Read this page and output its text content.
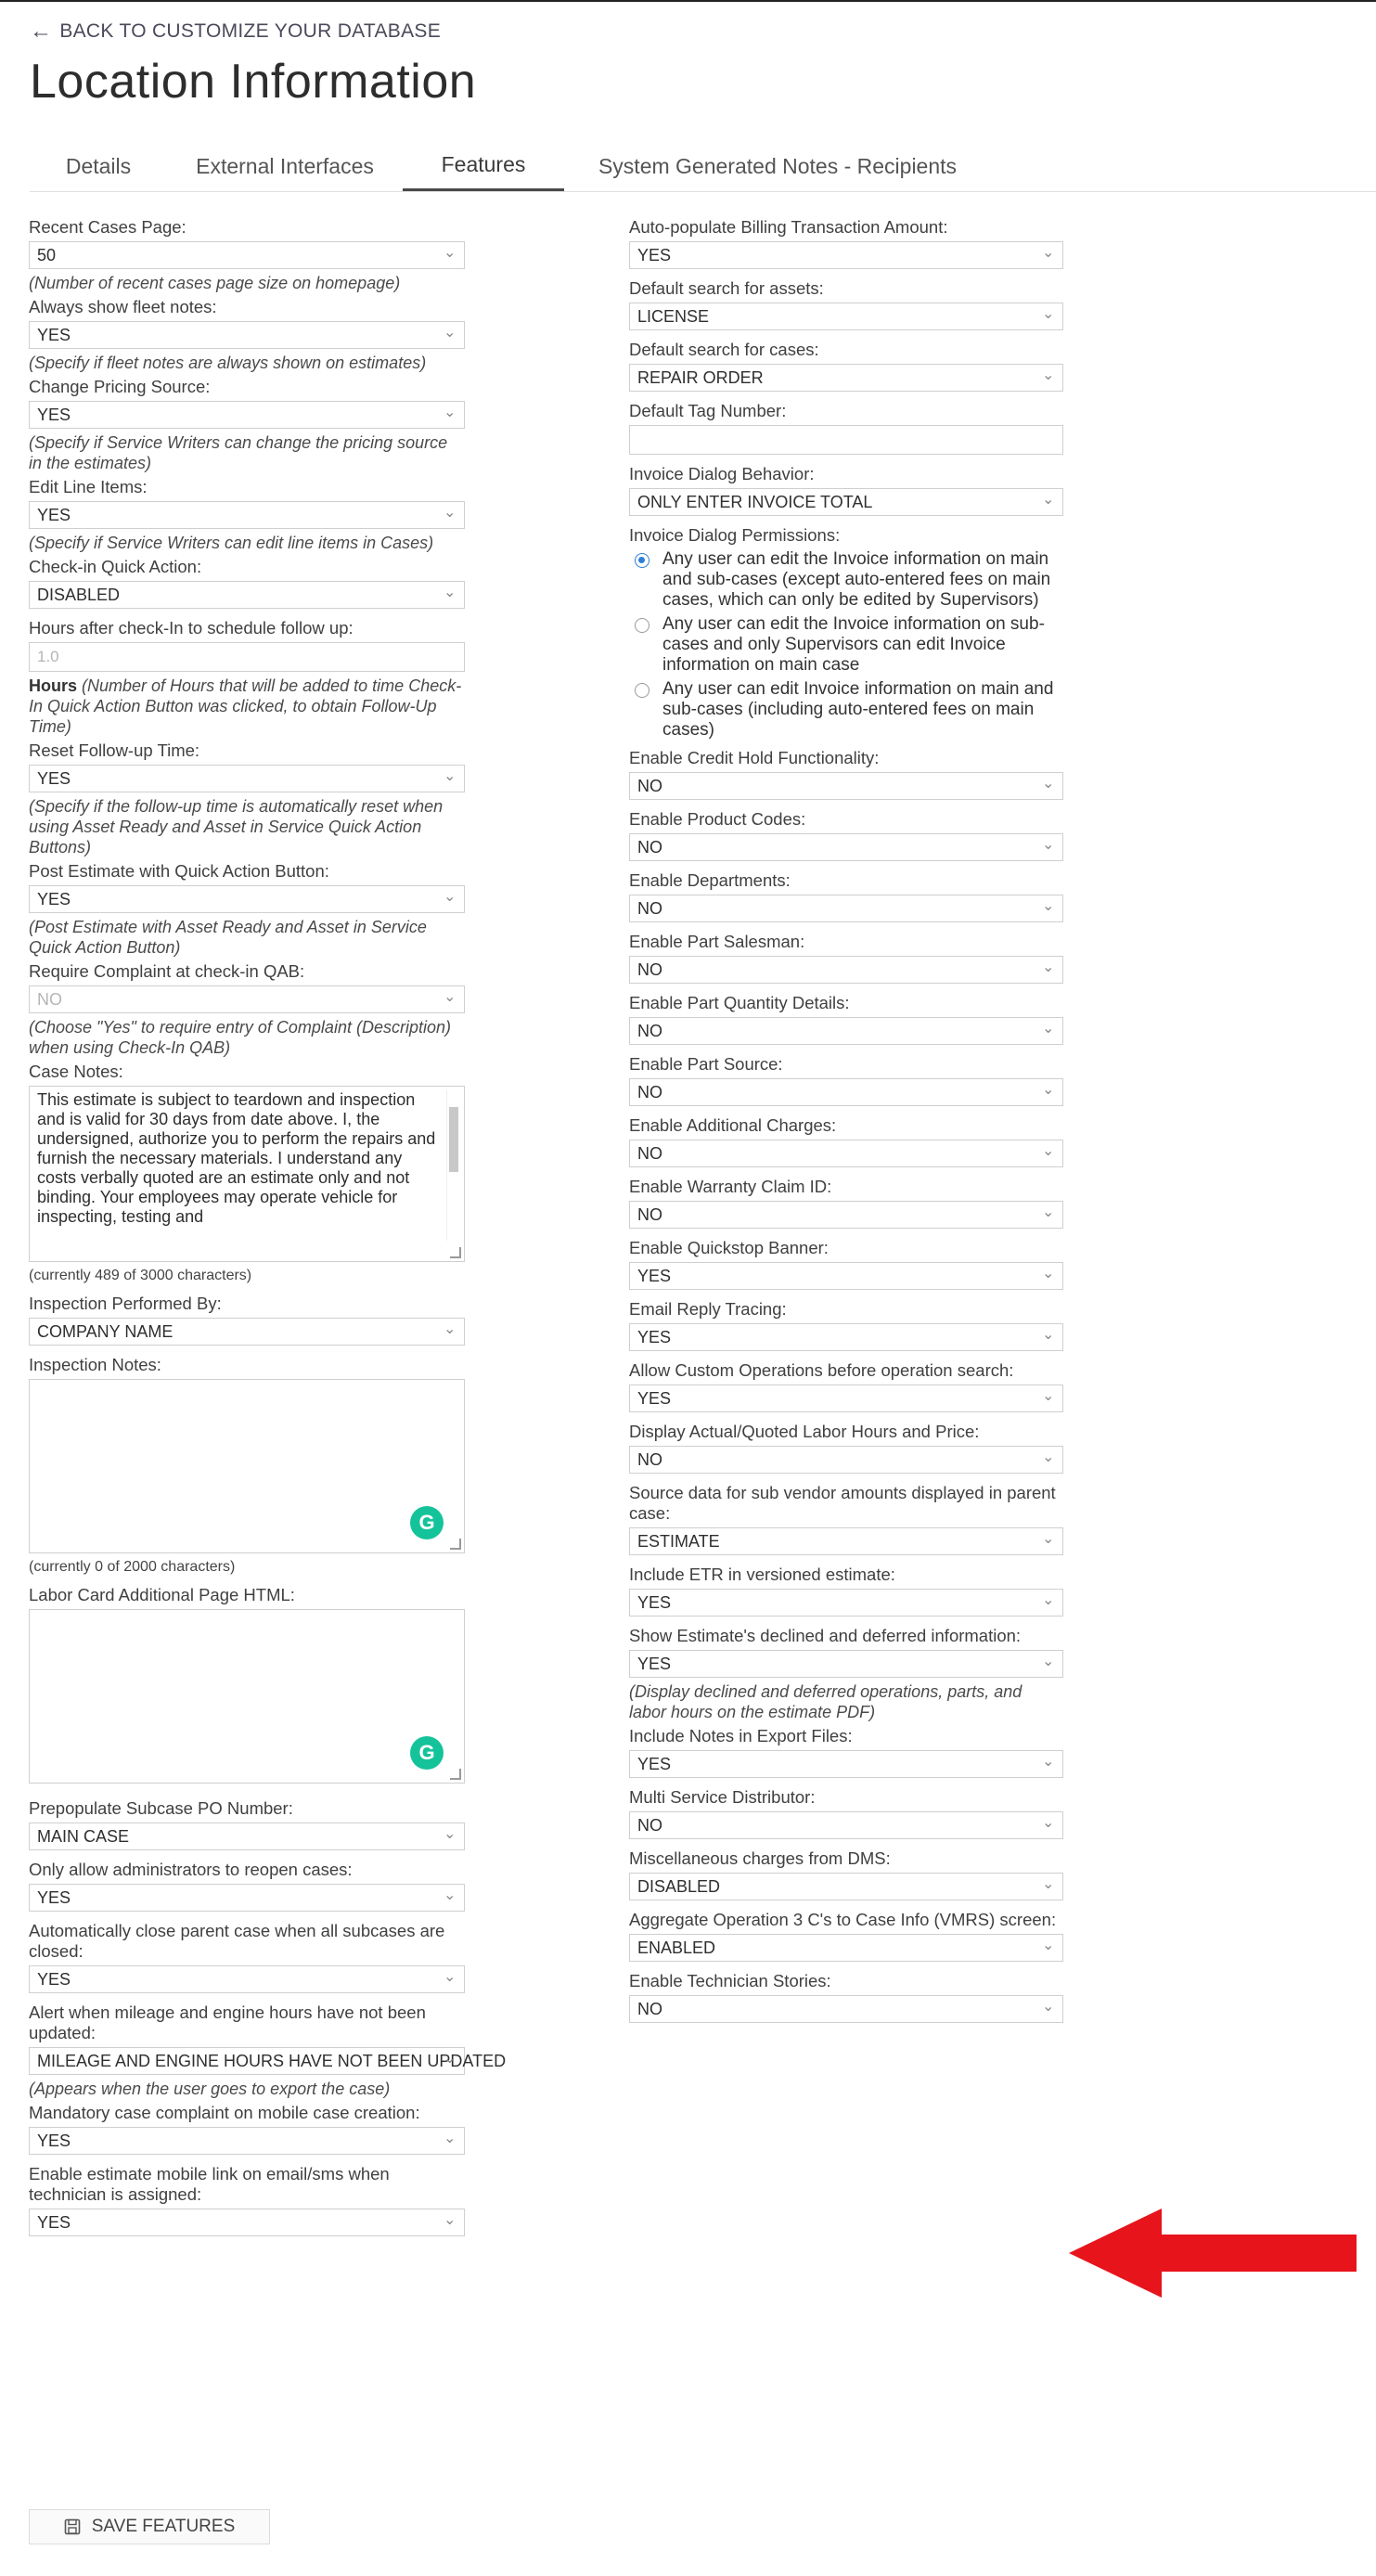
← BACK TO CUSTOMIZE YOUR DATABASE
Location Information
Details	External Interfaces	Features	System Generated Notes - Recipients
Recent Cases Page:
50
⌄
(Number of recent cases page size on homepage)
Always show fleet notes:
YES
⌄
(Specify if fleet notes are always shown on estimates)
Change Pricing Source:
YES
⌄
(Specify if Service Writers can change the pricing source in the estimates)
Edit Line Items:
YES
⌄
(Specify if Service Writers can edit line items in Cases)
Check-in Quick Action:
DISABLED
⌄
Hours after check-In to schedule follow up:
1.0
Hours (Number of Hours that will be added to time Check-In Quick Action Button was clicked, to obtain Follow-Up Time)
Reset Follow-up Time:
YES
⌄
(Specify if the follow-up time is automatically reset when using Asset Ready and Asset in Service Quick Action Buttons)
Post Estimate with Quick Action Button:
YES
⌄
(Post Estimate with Asset Ready and Asset in Service Quick Action Button)
Require Complaint at check-in QAB:
NO
⌄
(Choose "Yes" to require entry of Complaint (Description) when using Check-In QAB)
Case Notes:
This estimate is subject to teardown and inspection and is valid for 30 days from date above. I, the undersigned, authorize you to perform the repairs and furnish the necessary materials. I understand any costs verbally quoted are an estimate only and not binding. Your employees may operate vehicle for inspecting, testing and
(currently 489 of 3000 characters)
Inspection Performed By:
COMPANY NAME
⌄
Inspection Notes:
G
(currently 0 of 2000 characters)
Labor Card Additional Page HTML:
G
Prepopulate Subcase PO Number:
MAIN CASE
⌄
Only allow administrators to reopen cases:
YES
⌄
Automatically close parent case when all subcases are closed:
YES
⌄
Alert when mileage and engine hours have not been updated:
MILEAGE AND ENGINE HOURS HAVE NOT BEEN UPDATED
⌄
(Appears when the user goes to export the case)
Mandatory case complaint on mobile case creation:
YES
⌄
Enable estimate mobile link on email/sms when technician is assigned:
YES
⌄
Auto-populate Billing Transaction Amount:
YES
⌄
Default search for assets:
LICENSE
⌄
Default search for cases:
REPAIR ORDER
⌄
Default Tag Number:
Invoice Dialog Behavior:
ONLY ENTER INVOICE TOTAL
⌄
Invoice Dialog Permissions:
Any user can edit the Invoice information on main and sub-cases (except auto-entered fees on main cases, which can only be edited by Supervisors)
Any user can edit the Invoice information on sub-cases and only Supervisors can edit Invoice information on main case
Any user can edit Invoice information on main and sub-cases (including auto-entered fees on main cases)
Enable Credit Hold Functionality:
NO
⌄
Enable Product Codes:
NO
⌄
Enable Departments:
NO
⌄
Enable Part Salesman:
NO
⌄
Enable Part Quantity Details:
NO
⌄
Enable Part Source:
NO
⌄
Enable Additional Charges:
NO
⌄
Enable Warranty Claim ID:
NO
⌄
Enable Quickstop Banner:
YES
⌄
Email Reply Tracing:
YES
⌄
Allow Custom Operations before operation search:
YES
⌄
Display Actual/Quoted Labor Hours and Price:
NO
⌄
Source data for sub vendor amounts displayed in parent case:
ESTIMATE
⌄
Include ETR in versioned estimate:
YES
⌄
Show Estimate's declined and deferred information:
YES
⌄
(Display declined and deferred operations, parts, and labor hours on the estimate PDF)
Include Notes in Export Files:
YES
⌄
Multi Service Distributor:
NO
⌄
Miscellaneous charges from DMS:
DISABLED
⌄
Aggregate Operation 3 C's to Case Info (VMRS) screen:
ENABLED
⌄
Enable Technician Stories:
NO
⌄
SAVE FEATURES
